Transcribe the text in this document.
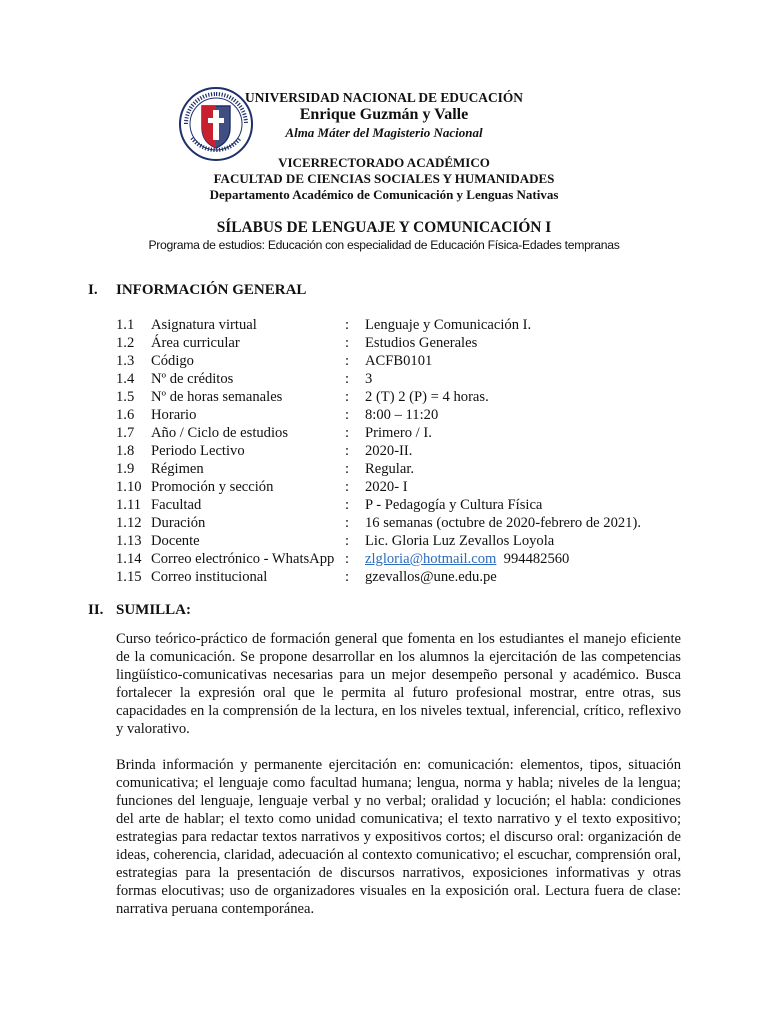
UNIVERSIDAD NACIONAL DE EDUCACIÓN
Enrique Guzmán y Valle
Alma Máter del Magisterio Nacional
VICERRECTORADO ACADÉMICO
FACULTAD DE CIENCIAS SOCIALES Y HUMANIDADES
Departamento Académico de Comunicación y Lenguas Nativas
SÍLABUS DE LENGUAJE Y COMUNICACIÓN I
Programa de estudios: Educación con especialidad de Educación Física-Edades tempranas
I. INFORMACIÓN GENERAL
1.1 Asignatura virtual	: Lenguaje y Comunicación I.
1.2 Área curricular	: Estudios Generales
1.3 Código	: ACFB0101
1.4 Nº de créditos	: 3
1.5 Nº de horas semanales	: 2 (T) 2 (P) = 4 horas.
1.6 Horario	: 8:00 – 11:20
1.7 Año / Ciclo de estudios	: Primero / I.
1.8 Periodo Lectivo	: 2020-II.
1.9 Régimen	: Regular.
1.10 Promoción y sección	: 2020- I
1.11 Facultad	: P - Pedagogía y Cultura Física
1.12 Duración	: 16 semanas (octubre de 2020-febrero de 2021).
1.13 Docente	: Lic. Gloria Luz Zevallos Loyola
1.14 Correo electrónico - WhatsApp : zlgloria@hotmail.com 994482560
1.15 Correo institucional	: gzevallos@une.edu.pe
II. SUMILLA:

Curso teórico-práctico de formación general que fomenta en los estudiantes el manejo eficiente de la comunicación. Se propone desarrollar en los alumnos la ejercitación de las competencias lingüístico-comunicativas necesarias para un mejor desempeño personal y académico. Busca fortalecer la expresión oral que le permita al futuro profesional mostrar, entre otras, sus capacidades en la comprensión de la lectura, en los niveles textual, inferencial, crítico, reflexivo y valorativo.

Brinda información y permanente ejercitación en: comunicación: elementos, tipos, situación comunicativa; el lenguaje como facultad humana; lengua, norma y habla; niveles de la lengua; funciones del lenguaje, lenguaje verbal y no verbal; oralidad y locución; el habla: condiciones del arte de hablar; el texto como unidad comunicativa; el texto narrativo y el texto expositivo; estrategias para redactar textos narrativos y expositivos cortos; el discurso oral: organización de ideas, coherencia, claridad, adecuación al contexto comunicativo; el escuchar, comprensión oral, estrategias para la presentación de discursos narrativos, exposiciones informativas y otras formas elocutivas; uso de organizadores visuales en la exposición oral. Lectura fuera de clase: narrativa peruana contemporánea.
